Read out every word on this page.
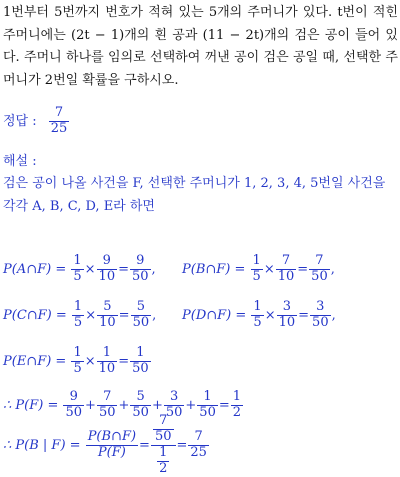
1번부터 5번까지 번호가 적혀 있는 5개의 주머니가 있다. t번이 적힌 주머니에는 (2t − 1)개의 흰 공과 (11 − 2t)개의 검은 공이 들어 있다. 주머니 하나를 임의로 선택하여 꺼낸 공이 검은 공일 때, 선택한 주머니가 2번일 확률을 구하시오.
정답 : $\frac{7}{25}$
해설 :
검은 공이 나올 사건을 F, 선택한 주머니가 1, 2, 3, 4, 5번일 사건을 각각 A, B, C, D, E라 하면
P(A∩F) = $\frac{1}{5} \times \frac{9}{10} = \frac{9}{50}$ , P(B∩F) = $\frac{1}{5} \times \frac{7}{10} = \frac{7}{50}$ ,
P(C∩F) = $\frac{1}{5} \times \frac{5}{10} = \frac{5}{50}$ , P(D∩F) = $\frac{1}{5} \times \frac{3}{10} = \frac{3}{50}$ ,
P(E∩F) = $\frac{1}{5} \times \frac{1}{10} = \frac{1}{50}$
∴ $P(F) = \frac{9}{50} + \frac{7}{50} + \frac{5}{50} + \frac{3}{50} + \frac{1}{50} = \frac{1}{2}$
∴ P(B | $F) = \frac{P(B\cap F)}{P(F)} = \frac{\frac{7}{50}}{\frac{1}{2}} = \frac{7}{25}$
